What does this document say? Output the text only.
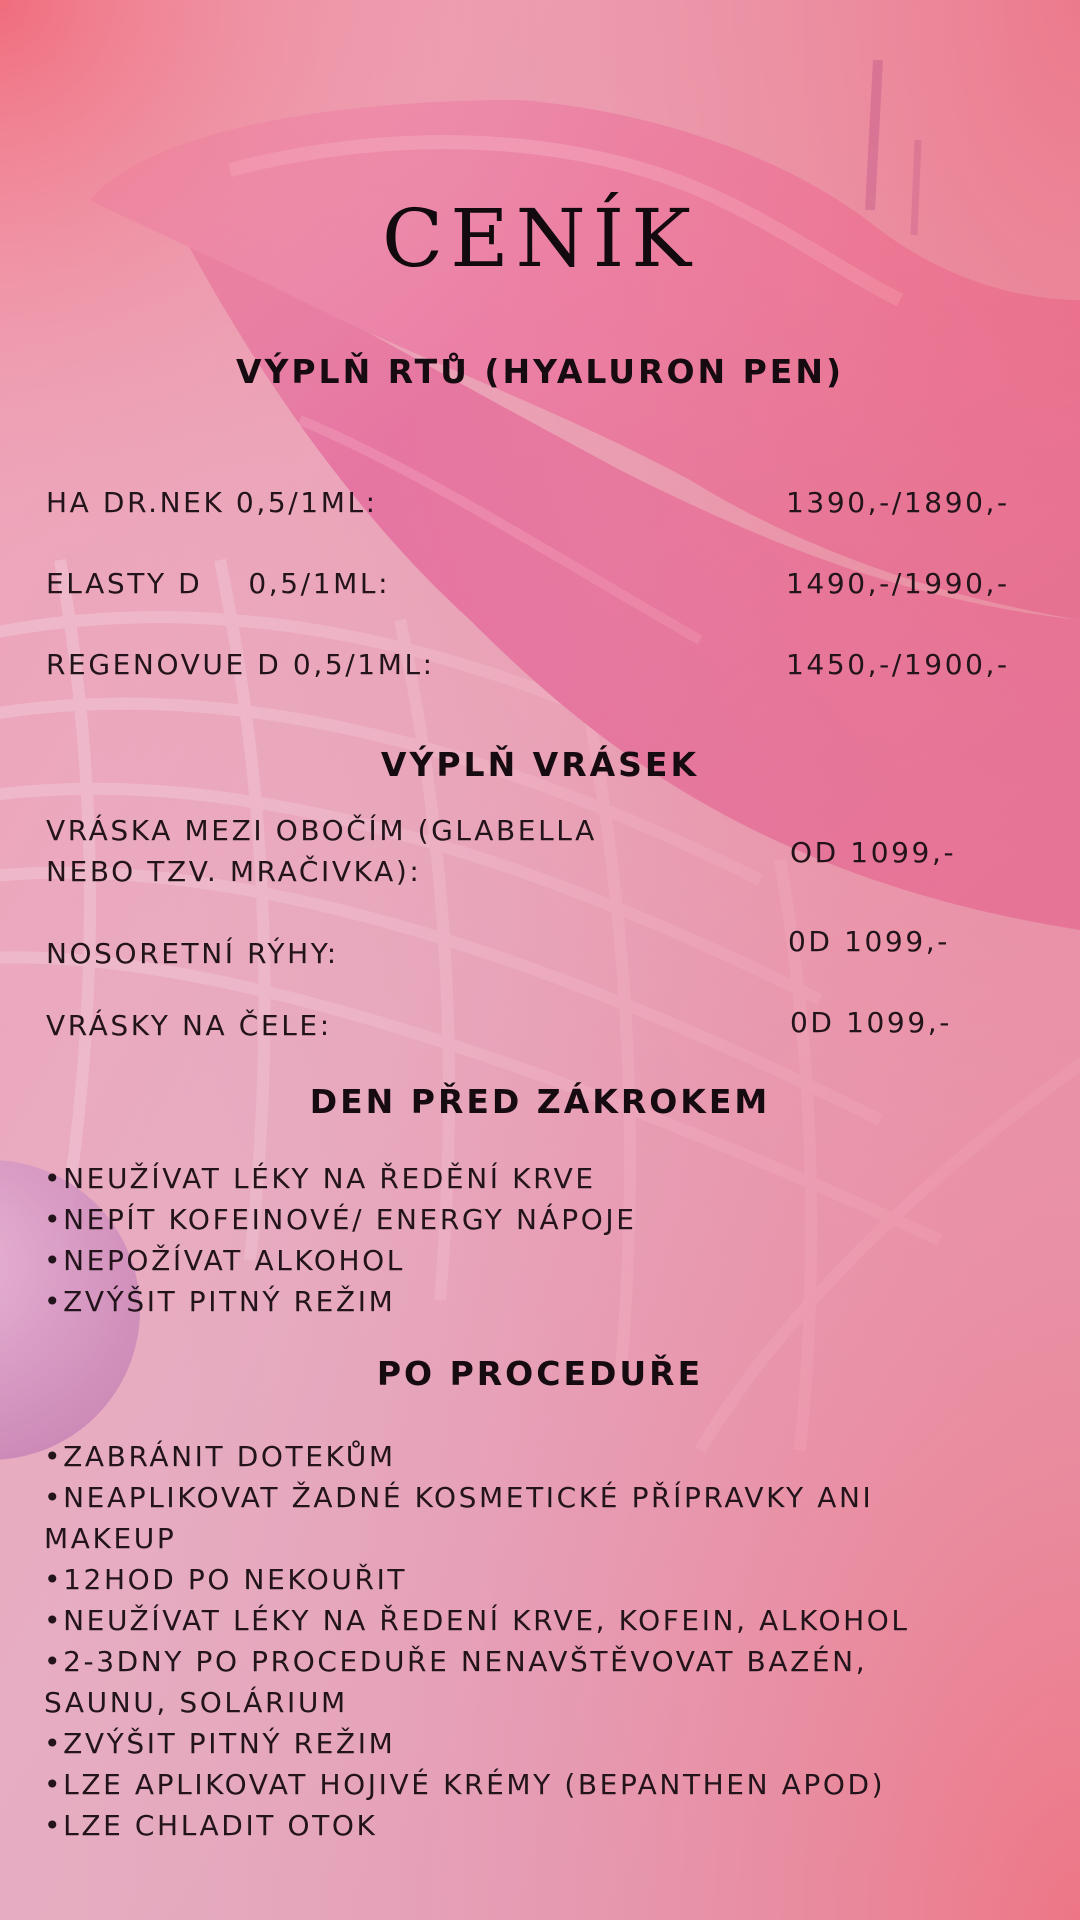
CENÍK
VÝPLŇ RTŮ (HYALURON PEN)
HA DR.NEK 0,5/1ML:	1390,-/1890,-
ELASTY D    0,5/1ML:	1490,-/1990,-
REGENOVUE D 0,5/1ML:	1450,-/1900,-
VÝPLŇ VRÁSEK
VRÁSKA MEZI OBOČÍM (GLABELLA
NEBO TZV. MRAČIVKA):
OD 1099,-
NOSORETNÍ RÝHY:	0D 1099,-
VRÁSKY NA ČELE:	0D 1099,-
DEN PŘED ZÁKROKEM
•NEUŽÍVAT LÉKY NA ŘEDĚNÍ KRVE
•NEPÍT KOFEINOVÉ/ ENERGY NÁPOJE
•NEPOŽÍVAT ALKOHOL
•ZVÝŠIT PITNÝ REŽIM
PO PROCEDUŘE
•ZABRÁNIT DOTEKŮM
•NEAPLIKOVAT ŽADNÉ KOSMETICKÉ PŘÍPRAVKY ANI
MAKEUP
•12HOD PO NEKOUŘIT
•NEUŽÍVAT LÉKY NA ŘEDENÍ KRVE, KOFEIN, ALKOHOL
•2-3DNY PO PROCEDUŘE NENAVŠTĚVOVAT BAZÉN,
SAUNU, SOLÁRIUM
•ZVÝŠIT PITNÝ REŽIM
•LZE APLIKOVAT HOJIVÉ KRÉMY (BEPANTHEN APOD)
•LZE CHLADIT OTOK
